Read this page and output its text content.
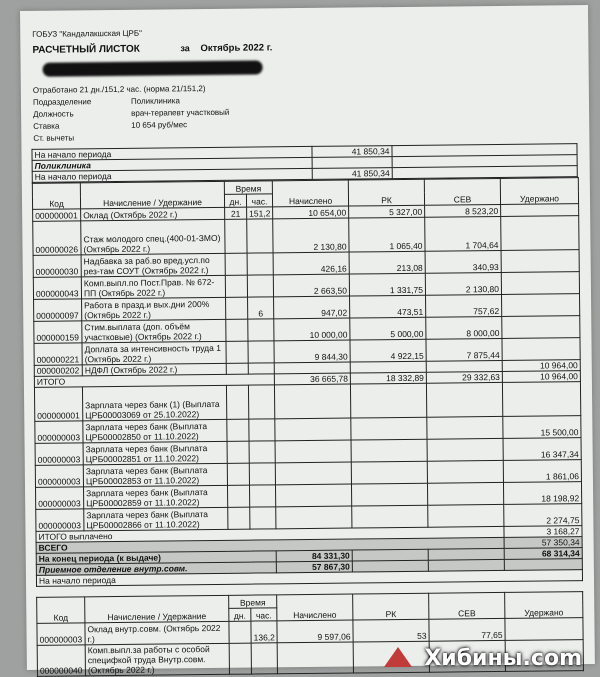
ГОБУЗ "Кандалакшская ЦРБ"
РАСЧЕТНЫЙ ЛИСТОК	за Октябрь 2022 г.
Отработано 21 дн./151,2 час. (норма 21/151,2)
Подразделение	Поликлиника
Должность	врач-терапевт участковый
Ставка	10 654 руб/мес
Ст. вычеты
На начало периода	41 850,34	
Поликлиника		
На начало периода	41 850,34	
Код	Начисление / Удержание	Время		Начислено	РК	СЕВ	Удержано
		дн.	час.				
000000001	Оклад (Октябрь 2022 г.)	21	151,2	10 654,00	5 327,00	8 523,20	
000000026	Стаж молодого спец.(400-01-ЗМО) (Октябрь 2022 г.)			2 130,80	1 065,40	1 704,64	
000000030	Надбавка за раб.во вред.усл.по рез-там СОУТ (Октябрь 2022 г.)			426,16	213,08	340,93	
000000043	Комп.выпл.по Пост.Прав. № 672-ПП (Октябрь 2022 г.)			2 663,50	1 331,75	2 130,80	
000000097	Работа в празд.и вых.дни 200% (Октябрь 2022 г.)		6	947,02	473,51	757,62	
000000159	Стим.выплата (доп. объём участковые) (Октябрь 2022 г.)			10 000,00	5 000,00	8 000,00	
000000221	Доплата за интенсивность труда 1 (Октябрь 2022 г.)			9 844,30	4 922,15	7 875,44	
000000202	НДФЛ (Октябрь 2022 г.)						10 964,00
ИТОГО				36 665,78	18 332,89	29 332,63	10 964,00
000000001	Зарплата через банк (1) (Выплата ЦРБ00003069 от 25.10.2022)						
000000003	Зарплата через банк (Выплата ЦРБ00002850 от 11.10.2022)						15 500,00
000000003	Зарплата через банк (Выплата ЦРБ00002851 от 11.10.2022)						16 347,34
000000003	Зарплата через банк (Выплата ЦРБ00002853 от 11.10.2022)						1 861,06
000000003	Зарплата через банк (Выплата ЦРБ00002859 от 11.10.2022)						18 198,92
000000003	Зарплата через банк (Выплата ЦРБ00002866 от 11.10.2022)						2 274,75
ИТОГО выплачено							3 168,27
ВСЕГО							57 350,34
На конец периода (к выдаче)				84 331,30			68 314,34
Приемное отделение внутр.совм.				57 867,30			
На начало периода							
Код	Начисление / Удержание	Время		Начислено	РК	СЕВ	Удержано
		дн.	час.				
000000003	Оклад внутр.совм. (Октябрь 2022 г.)		136,2	9 597,06	53	77,65	
000000040	Комп.выпл.за работы с особой специфкой труда Внутр.совм. (Октябрь 2022 г.)							Хибины.com
